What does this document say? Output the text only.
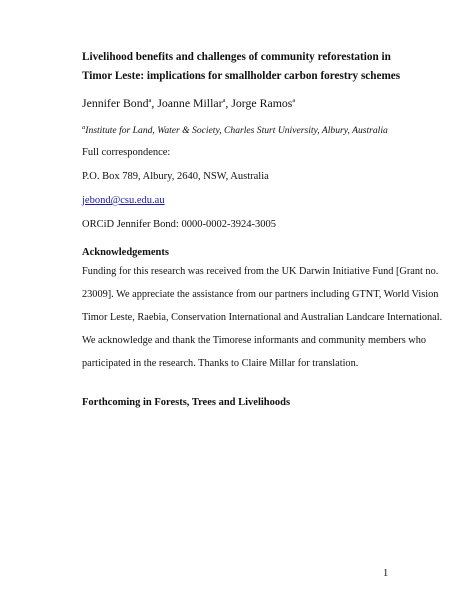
Livelihood benefits and challenges of community reforestation in
Timor Leste: implications for smallholder carbon forestry schemes
Jennifer Bond$^a$, Joanne Millar$^a$, Jorge Ramos$^a$
$^a$Institute for Land, Water & Society, Charles Sturt University, Albury, Australia
Full correspondence:
P.O. Box 789, Albury, 2640, NSW, Australia
jebond@csu.edu.au
ORCiD Jennifer Bond: 0000-0002-3924-3005
Acknowledgements
Funding for this research was received from the UK Darwin Initiative Fund [Grant no.
23009]. We appreciate the assistance from our partners including GTNT, World Vision
Timor Leste, Raebia, Conservation International and Australian Landcare International.
We acknowledge and thank the Timorese informants and community members who
participated in the research. Thanks to Claire Millar for translation.
Forthcoming in Forests, Trees and Livelihoods
1
